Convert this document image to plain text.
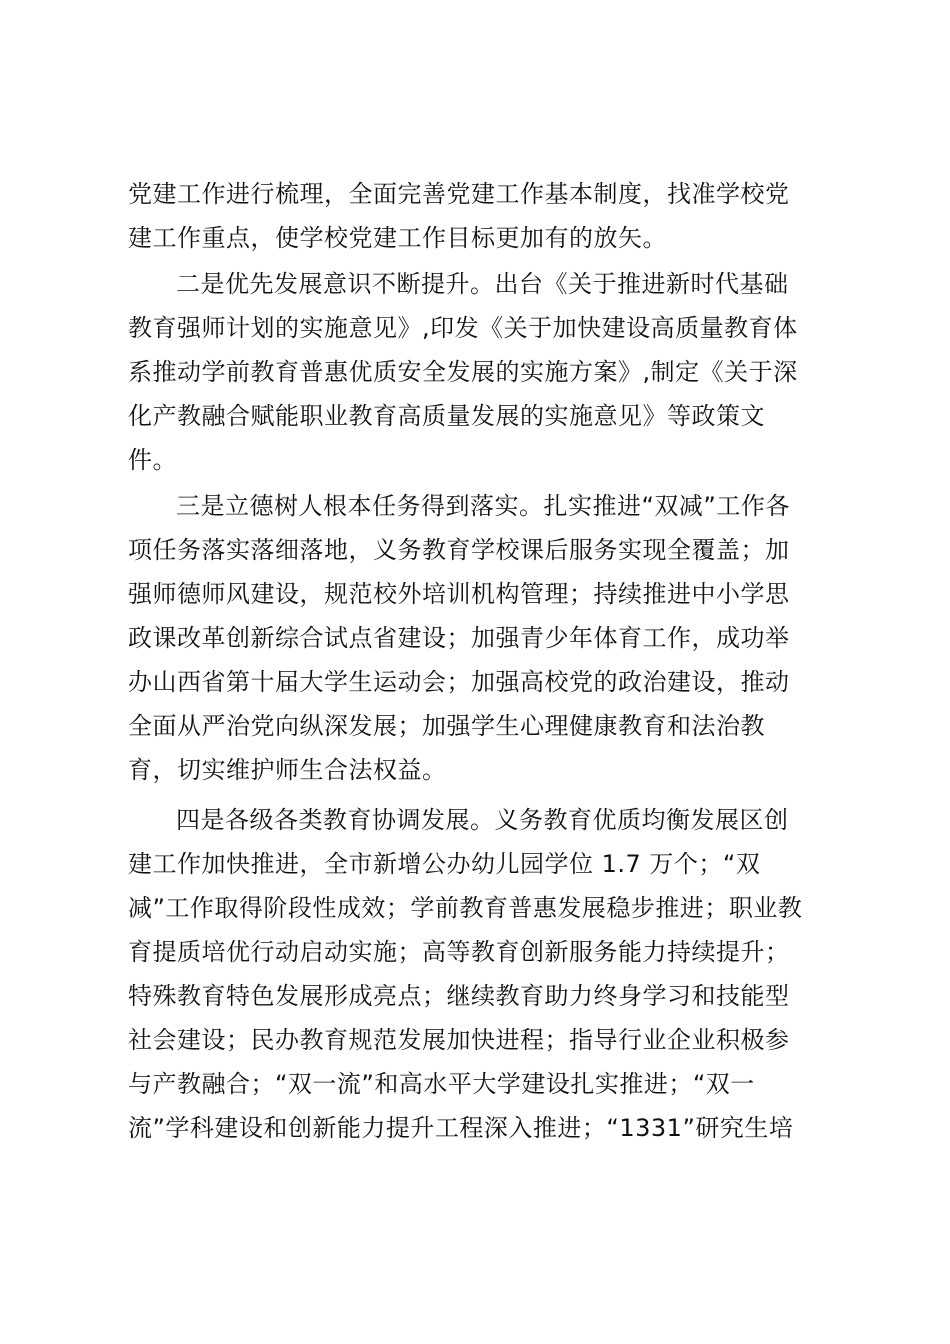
党建工作进行梳理，全面完善党建工作基本制度，找准学校党
建工作重点，使学校党建工作目标更加有的放矢。
二是优先发展意识不断提升。出台《关于推进新时代基础
教育强师计划的实施意见》,印发《关于加快建设高质量教育体
系推动学前教育普惠优质安全发展的实施方案》,制定《关于深
化产教融合赋能职业教育高质量发展的实施意见》等政策文
件。
三是立德树人根本任务得到落实。扎实推进“双减”工作各
项任务落实落细落地，义务教育学校课后服务实现全覆盖；加
强师德师风建设，规范校外培训机构管理；持续推进中小学思
政课改革创新综合试点省建设；加强青少年体育工作，成功举
办山西省第十届大学生运动会；加强高校党的政治建设，推动
全面从严治党向纵深发展；加强学生心理健康教育和法治教
育，切实维护师生合法权益。
四是各级各类教育协调发展。义务教育优质均衡发展区创
建工作加快推进，全市新增公办幼儿园学位 1.7 万个；“双
减”工作取得阶段性成效；学前教育普惠发展稳步推进；职业教
育提质培优行动启动实施；高等教育创新服务能力持续提升；
特殊教育特色发展形成亮点；继续教育助力终身学习和技能型
社会建设；民办教育规范发展加快进程；指导行业企业积极参
与产教融合；“双一流”和高水平大学建设扎实推进；“双一
流”学科建设和创新能力提升工程深入推进；“1331”研究生培
